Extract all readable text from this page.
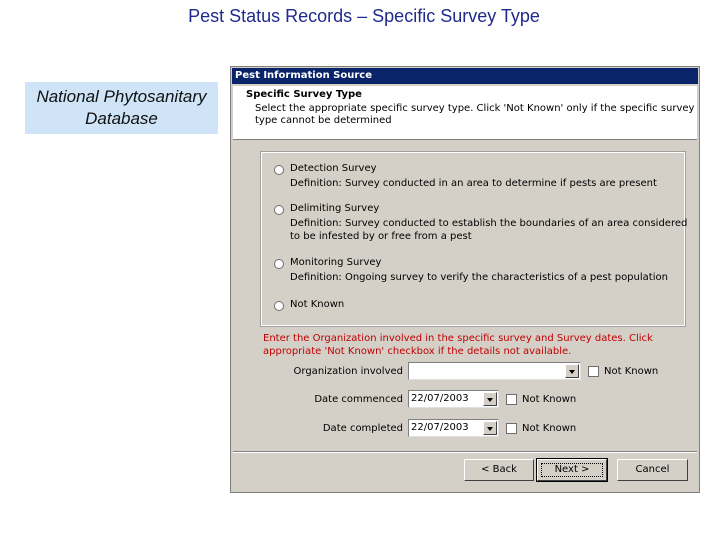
Pest Status Records – Specific Survey Type
National Phytosanitary
Database
Pest Information Source
Specific Survey Type
Select the appropriate specific survey type. Click 'Not Known' only if the specific survey type cannot be determined
Detection Survey
Definition: Survey conducted in an area to determine if pests are present
Delimiting Survey
Definition: Survey conducted to establish the boundaries of an area considered to be infested by or free from a pest
Monitoring Survey
Definition: Ongoing survey to verify the characteristics of a pest population
Not Known
Enter the Organization involved in the specific survey and Survey dates. Click appropriate 'Not Known' checkbox if the details not available.
Organization involved	Not Known
Date commenced 22/07/2003	Not Known
Date completed 22/07/2003	Not Known
< Back	Next >	Cancel
